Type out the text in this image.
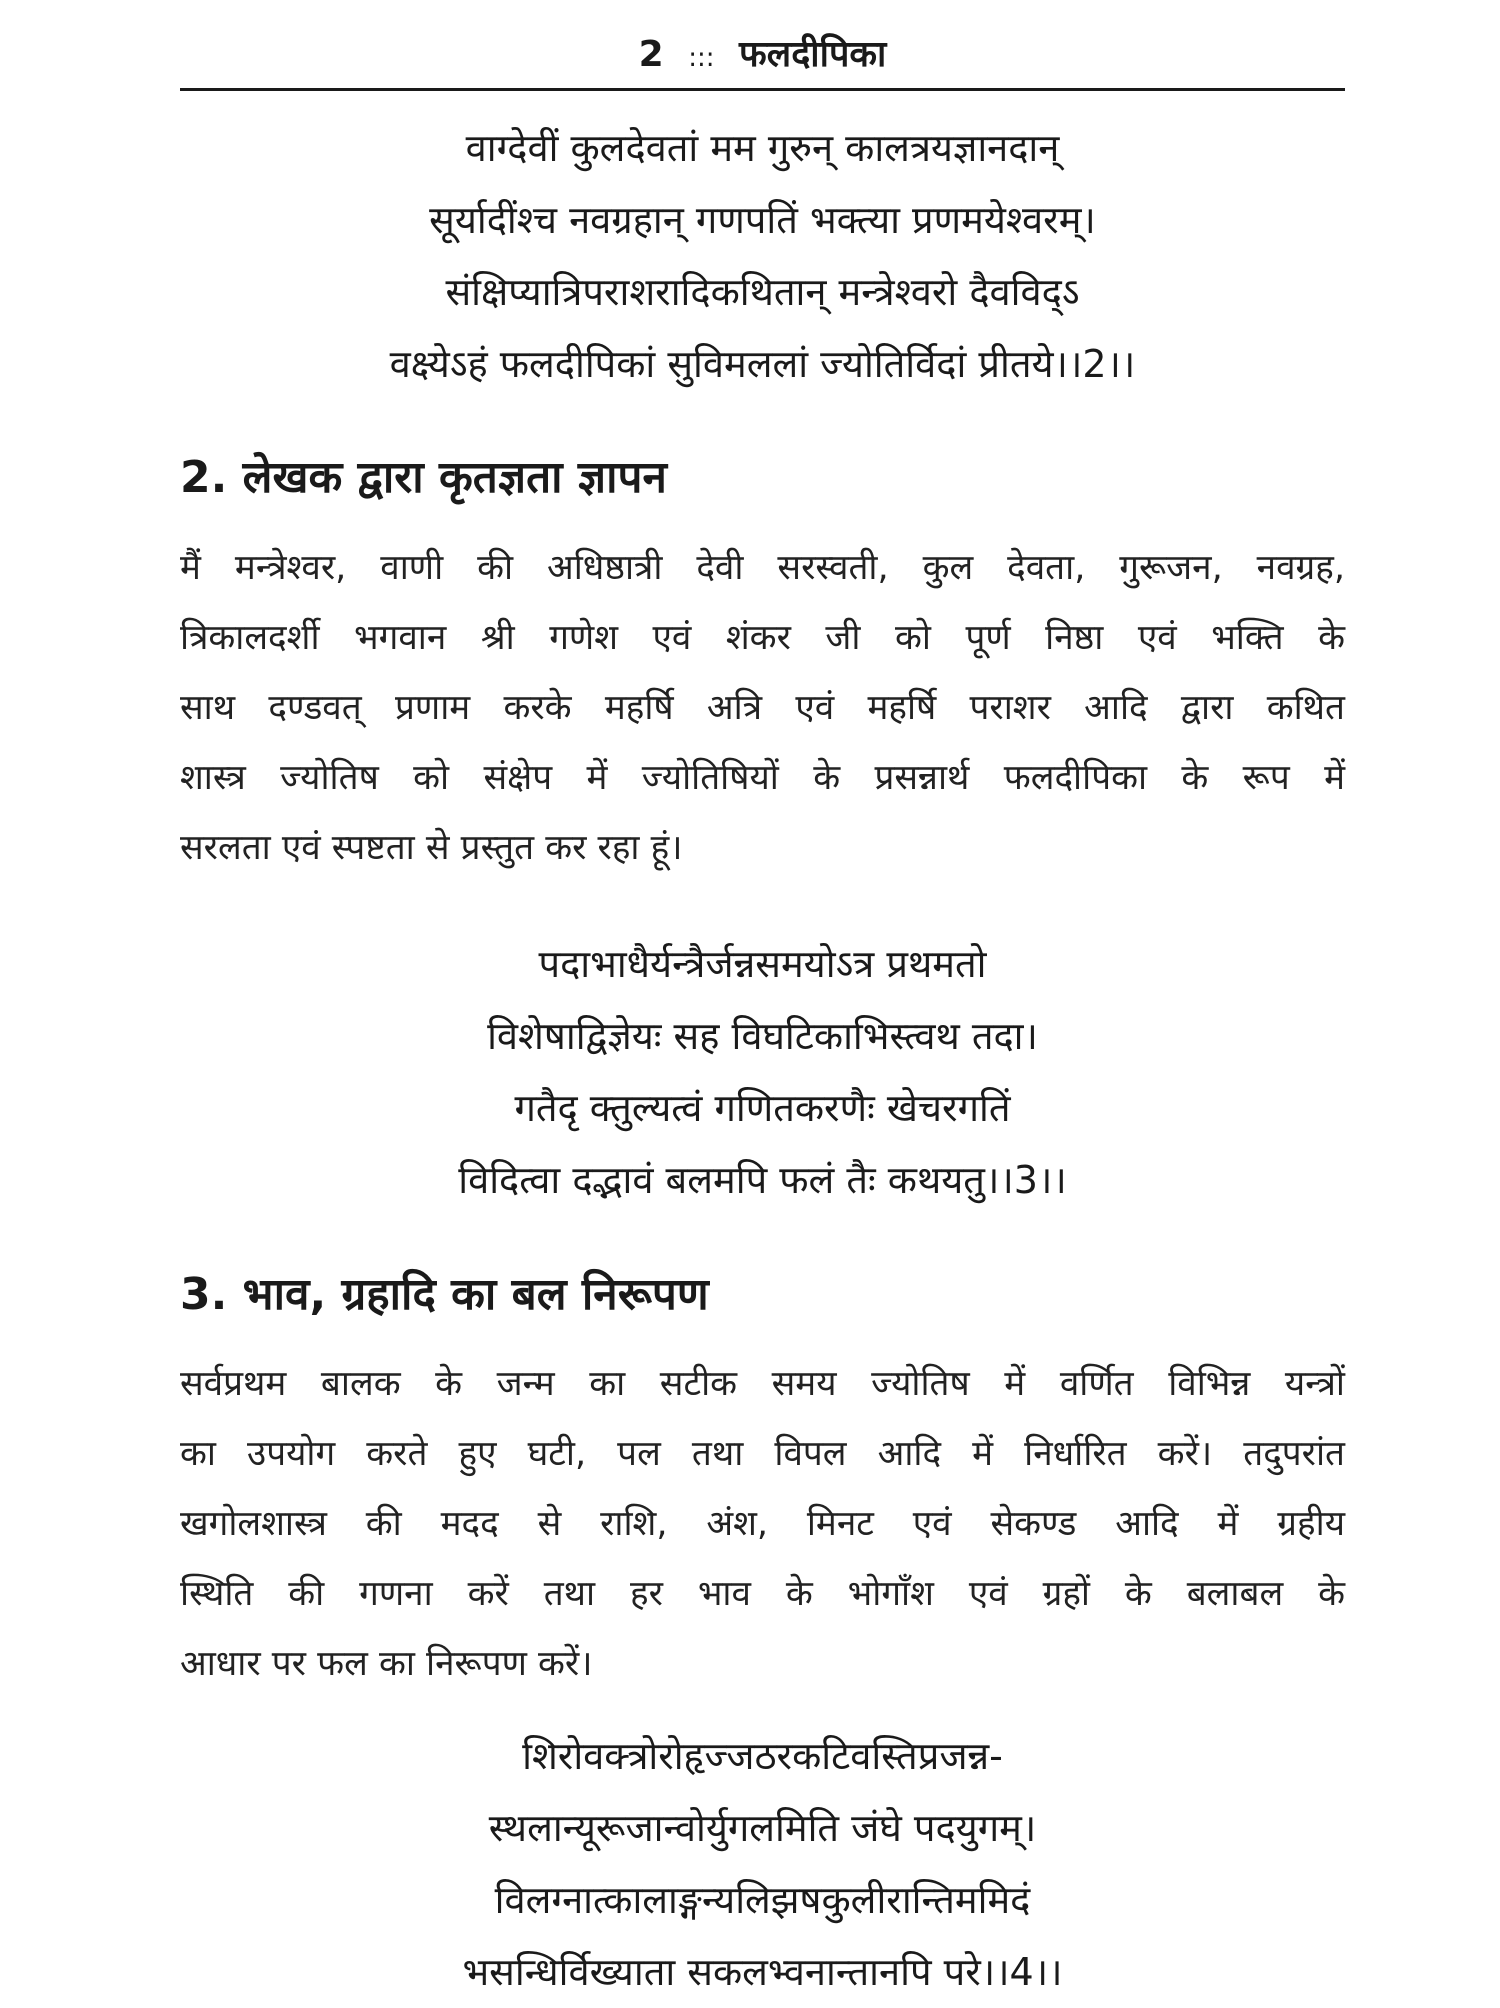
2 ::: फलदीपिका
वाग्देवीं कुलदेवतां मम गुरुन् कालत्रयज्ञानदान्
सूर्यादींश्च नवग्रहान् गणपतिं भक्त्या प्रणमयेश्वरम्।
संक्षिप्यात्रिपराशरादिकथितान् मन्त्रेश्वरो दैवविद्ऽ
वक्ष्येऽहं फलदीपिकां सुविमललां ज्योतिर्विदां प्रीतये।।2।।
2. लेखक द्वारा कृतज्ञता ज्ञापन
मैं मन्त्रेश्वर, वाणी की अधिष्ठात्री देवी सरस्वती, कुल देवता, गुरूजन, नवग्रह,
त्रिकालदर्शी भगवान श्री गणेश एवं शंकर जी को पूर्ण निष्ठा एवं भक्ति के
साथ दण्डवत् प्रणाम करके महर्षि अत्रि एवं महर्षि पराशर आदि द्वारा कथित
शास्त्र ज्योतिष को संक्षेप में ज्योतिषियों के प्रसन्नार्थ फलदीपिका के रूप में
सरलता एवं स्पष्टता से प्रस्तुत कर रहा हूं।
पदाभाधैर्यन्त्रैर्जन्नसमयोऽत्र प्रथमतो
विशेषाद्विज्ञेयः सह विघटिकाभिस्त्वथ तदा।
गतैदृ क्तुल्यत्वं गणितकरणैः खेचरगतिं
विदित्वा दद्भावं बलमपि फलं तैः कथयतु।।3।।
3. भाव, ग्रहादि का बल निरूपण
सर्वप्रथम बालक के जन्म का सटीक समय ज्योतिष में वर्णित विभिन्न यन्त्रों
का उपयोग करते हुए घटी, पल तथा विपल आदि में निर्धारित करें। तदुपरांत
खगोलशास्त्र की मदद से राशि, अंश, मिनट एवं सेकण्ड आदि में ग्रहीय
स्थिति की गणना करें तथा हर भाव के भोगाँश एवं ग्रहों के बलाबल के
आधार पर फल का निरूपण करें।
शिरोवक्त्रोरोहृज्जठरकटिवस्तिप्रजन्न-
स्थलान्यूरूजान्वोर्युगलमिति जंघे पदयुगम्।
विलग्नात्कालाङ्गन्यलिझषकुलीरान्तिममिदं
भसन्धिर्विख्याता सकलभ्वनान्तानपि परे।।4।।
